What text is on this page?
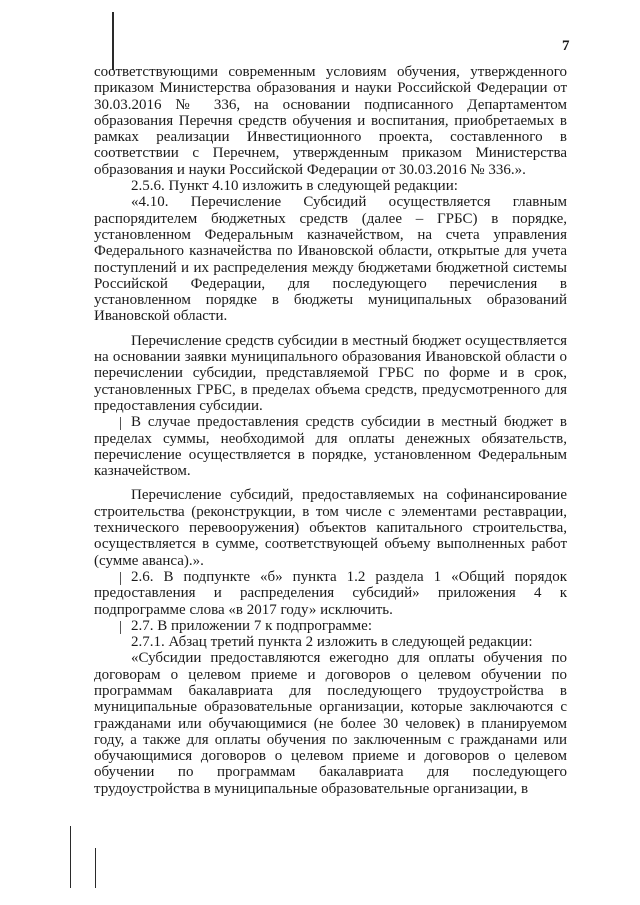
7

соответствующими современным условиям обучения, утвержденного приказом Министерства образования и науки Российской Федерации от 30.03.2016 № 336, на основании подписанного Департаментом образования Перечня средств обучения и воспитания, приобретаемых в рамках реализации Инвестиционного проекта, составленного в соответствии с Перечнем, утвержденным приказом Министерства образования и науки Российской Федерации от 30.03.2016 № 336.».

2.5.6. Пункт 4.10 изложить в следующей редакции:

«4.10. Перечисление Субсидий осуществляется главным распорядителем бюджетных средств (далее – ГРБС) в порядке, установленном Федеральным казначейством, на счета управления Федерального казначейства по Ивановской области, открытые для учета поступлений и их распределения между бюджетами бюджетной системы Российской Федерации, для последующего перечисления в установленном порядке в бюджеты муниципальных образований Ивановской области.

Перечисление средств субсидии в местный бюджет осуществляется на основании заявки муниципального образования Ивановской области о перечислении субсидии, представляемой ГРБС по форме и в срок, установленных ГРБС, в пределах объема средств, предусмотренного для предоставления субсидии.

В случае предоставления средств субсидии в местный бюджет в пределах суммы, необходимой для оплаты денежных обязательств, перечисление осуществляется в порядке, установленном Федеральным казначейством.

Перечисление субсидий, предоставляемых на софинансирование строительства (реконструкции, в том числе с элементами реставрации, технического перевооружения) объектов капитального строительства, осуществляется в сумме, соответствующей объему выполненных работ (сумме аванса).».

2.6. В подпункте «б» пункта 1.2 раздела 1 «Общий порядок предоставления и распределения субсидий» приложения 4 к подпрограмме слова «в 2017 году» исключить.

2.7. В приложении 7 к подпрограмме:

2.7.1. Абзац третий пункта 2 изложить в следующей редакции:

«Субсидии предоставляются ежегодно для оплаты обучения по договорам о целевом приеме и договоров о целевом обучении по программам бакалавриата для последующего трудоустройства в муниципальные образовательные организации, которые заключаются с гражданами или обучающимися (не более 30 человек) в планируемом году, а также для оплаты обучения по заключенным с гражданами или обучающимися договоров о целевом приеме и договоров о целевом обучении по программам бакалавриата для последующего трудоустройства в муниципальные образовательные организации, в
